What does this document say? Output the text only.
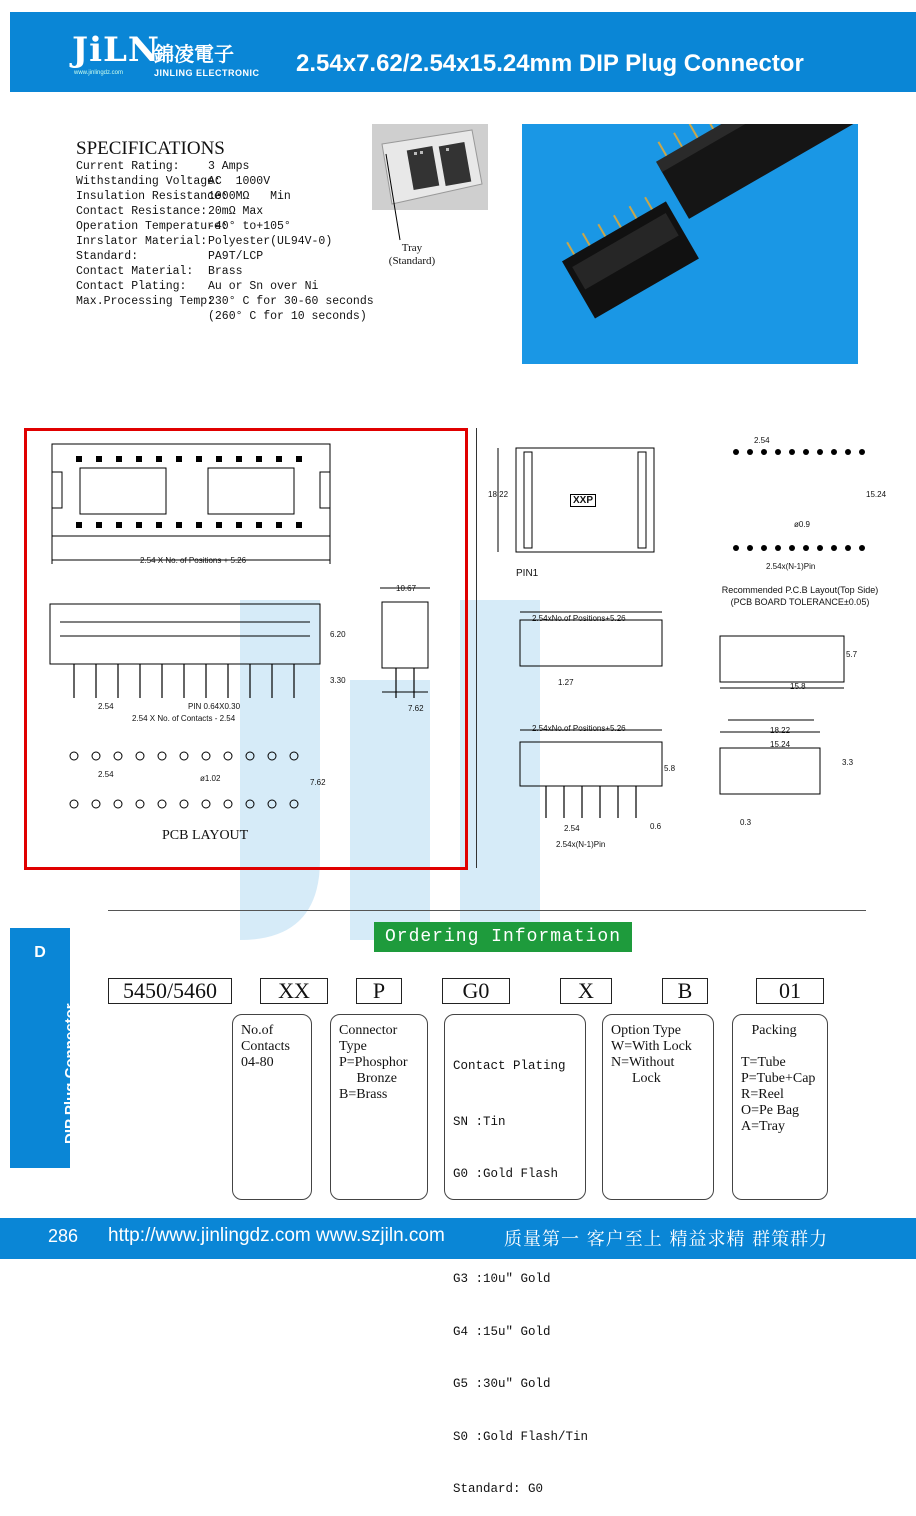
JiLN
錦凌電子
JINLING ELECTRONIC
www.jinlingdz.com	2.54x7.62/2.54x15.24mm DIP Plug Connector
SPECIFICATIONS
Current Rating: 3 Amps
Withstanding Voltage:AC  1000V
Insulation Resistance:1000MΩ   Min
Contact Resistance:20mΩ Max
Operation Temperature:-40° to+105°
Inrslator Material:Polyester(UL94V-0)
Standard:	PA9T/LCP
Contact Material: Brass
Contact Plating: Au or Sn over Ni
Max.Processing Temp:230° C for 30-60 seconds
(260° C for 10 seconds)
Tray
(Standard)
2.54 X No. of Positions + 5.26
10.67
6.20
3.30
2.54	PIN 0.64X0.30
2.54 X No. of Contacts - 2.54
7.62
2.54	ø1.02	7.62
PCB LAYOUT
XXP
PIN1
18.22
2.54
15.24
ø0.9
2.54x(N-1)Pin
Recommended P.C.B Layout(Top Side)
(PCB BOARD TOLERANCE±0.05)
2.54xNo.of Positions+5.26
5.7
1.27	15.8
2.54xNo.of Positions+5.26
5.8
2.54	0.6
2.54x(N-1)Pin
18.22
15.24
3.3
0.3
Ordering Information
5450/5460	XX	P	G0	X	B	01
No.of
Contacts
04-80
Connector
Type
P=Phosphor
Bronze
B=Brass

Contact Plating

SN :Tin

G0 :Gold Flash

G3 :10u" Gold

G4 :15u" Gold

G5 :30u" Gold

S0 :Gold Flash/Tin

Standard: G0

Option Type
W=With Lock
N=Without
Lock
Packing

T=Tube
P=Tube+Cap
R=Reel
O=Pe Bag
A=Tray
D
DIP Plug Connector
286 http://www.jinlingdz.com www.szjiln.com	质量第一 客户至上 精益求精 群策群力
